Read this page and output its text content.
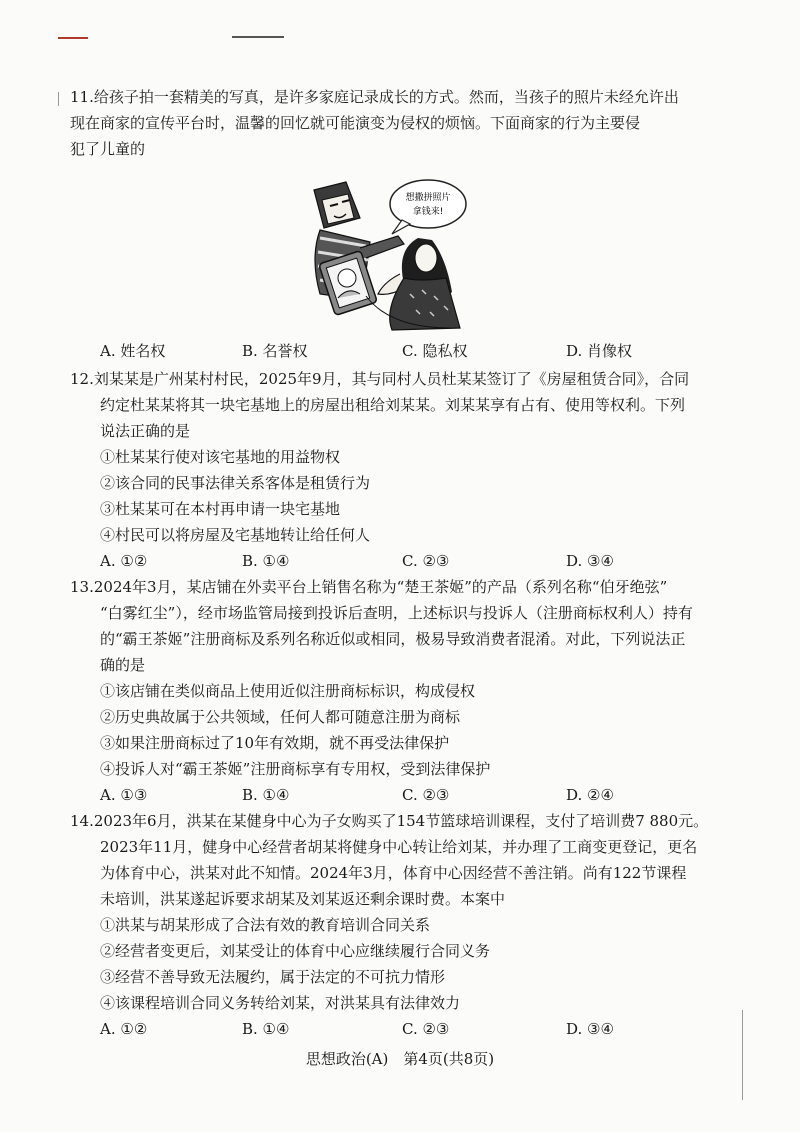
11.给孩子拍一套精美的写真，是许多家庭记录成长的方式。然而，当孩子的照片未经允许出

现在商家的宣传平台时，温馨的回忆就可能演变为侵权的烦恼。下面商家的行为主要侵

犯了儿童的

想撒拼照片
拿钱来!
A. 姓名权	B. 名誉权	C. 隐私权	D. 肖像权

12.刘某某是广州某村村民，2025年9月，其与同村人员杜某某签订了《房屋租赁合同》，合同

约定杜某某将其一块宅基地上的房屋出租给刘某某。刘某某享有占有、使用等权利。下列

说法正确的是

①杜某某行使对该宅基地的用益物权

②该合同的民事法律关系客体是租赁行为

③杜某某可在本村再申请一块宅基地

④村民可以将房屋及宅基地转让给任何人

A. ①②	B. ①④	C. ②③	D. ③④

13.2024年3月，某店铺在外卖平台上销售名称为“楚王茶姬”的产品（系列名称“伯牙绝弦”

“白雾红尘”），经市场监管局接到投诉后查明，上述标识与投诉人（注册商标权利人）持有

的“霸王茶姬”注册商标及系列名称近似或相同，极易导致消费者混淆。对此，下列说法正

确的是

①该店铺在类似商品上使用近似注册商标标识，构成侵权

②历史典故属于公共领域，任何人都可随意注册为商标

③如果注册商标过了10年有效期，就不再受法律保护

④投诉人对“霸王茶姬”注册商标享有专用权，受到法律保护

A. ①③	B. ①④	C. ②③	D. ②④

14.2023年6月，洪某在某健身中心为子女购买了154节篮球培训课程，支付了培训费7 880元。

2023年11月，健身中心经营者胡某将健身中心转让给刘某，并办理了工商变更登记，更名

为体育中心，洪某对此不知情。2024年3月，体育中心因经营不善注销。尚有122节课程

未培训，洪某遂起诉要求胡某及刘某返还剩余课时费。本案中

①洪某与胡某形成了合法有效的教育培训合同关系

②经营者变更后，刘某受让的体育中心应继续履行合同义务

③经营不善导致无法履约，属于法定的不可抗力情形

④该课程培训合同义务转给刘某，对洪某具有法律效力

A. ①②	B. ①④	C. ②③	D. ③④
思想政治(A)　第4页(共8页)
